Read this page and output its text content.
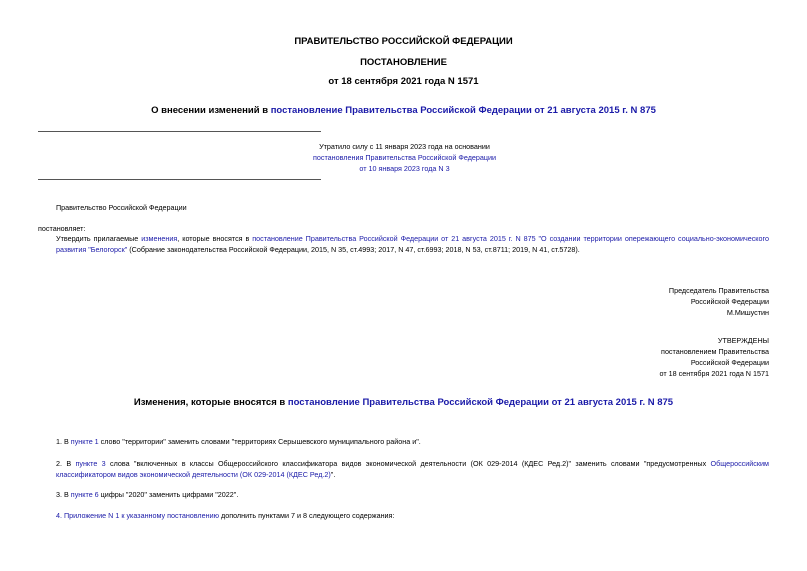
ПРАВИТЕЛЬСТВО РОССИЙСКОЙ ФЕДЕРАЦИИ
ПОСТАНОВЛЕНИЕ
от 18 сентября 2021 года N 1571
О внесении изменений в постановление Правительства Российской Федерации от 21 августа 2015 г. N 875
Утратило силу с 11 января 2023 года на основании
постановления Правительства Российской Федерации
от 10 января 2023 года N 3
Правительство Российской Федерации
постановляет:
Утвердить прилагаемые изменения, которые вносятся в постановление Правительства Российской Федерации от 21 августа 2015 г. N 875 "О создании территории опережающего социально-экономического развития "Белогорск" (Собрание законодательства Российской Федерации, 2015, N 35, ст.4993; 2017, N 47, ст.6993; 2018, N 53, ст.8711; 2019, N 41, ст.5728).
Председатель Правительства
Российской Федерации
М.Мишустин
УТВЕРЖДЕНЫ
постановлением Правительства
Российской Федерации
от 18 сентября 2021 года N 1571
Изменения, которые вносятся в постановление Правительства Российской Федерации от 21 августа 2015 г. N 875
1. В пункте 1 слово "территории" заменить словами "территориях Серышевского муниципального района и".
2. В пункте 3 слова "включенных в классы Общероссийского классификатора видов экономической деятельности (ОК 029-2014 (КДЕС Ред.2)" заменить словами "предусмотренных Общероссийским классификатором видов экономической деятельности (ОК 029-2014 (КДЕС Ред.2)".
3. В пункте 6 цифры "2020" заменить цифрами "2022".
4. Приложение N 1 к указанному постановлению дополнить пунктами 7 и 8 следующего содержания:
